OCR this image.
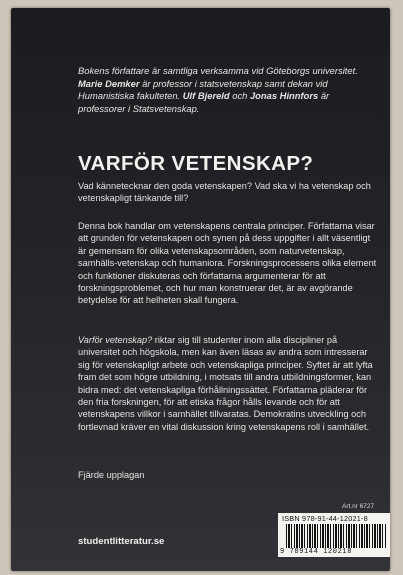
Bokens författare är samtliga verksamma vid Göteborgs universitet. Marie Demker är professor i statsvetenskap samt dekan vid Humanistiska fakulteten. Ulf Bjereld och Jonas Hinnfors är professorer i Statsvetenskap.
VARFÖR VETENSKAP?
Vad kännetecknar den goda vetenskapen? Vad ska vi ha vetenskap och vetenskapligt tänkande till?
Denna bok handlar om vetenskapens centrala principer. Författarna visar att grunden för vetenskapen och synen på dess uppgifter i allt väsentligt är gemensam för olika vetenskapsområden, som naturvetenskap, samhälls-vetenskap och humaniora. Forskningsprocessens olika element och funktioner diskuteras och författarna argumenterar för att forskningsproblemet, och hur man konstruerar det, är av avgörande betydelse för att helheten skall fungera.
Varför vetenskap? riktar sig till studenter inom alla discipliner på universitet och högskola, men kan även läsas av andra som intresserar sig för vetenskapligt arbete och vetenskapliga principer. Syftet är att lyfta fram det som högre utbildning, i motsats till andra utbildningsformer, kan bidra med: det vetenskapliga förhållningssättet. Författarna pläderar för den fria forskningen, för att etiska frågor hålls levande och för att vetenskapens villkor i samhället tillvaratas. Demokratins utveckling och fortlevnad kräver en vital diskussion kring vetenskapens roll i samhället.
Fjärde upplagan
Art.nr 6727
ISBN 978-91-44-12021-8
9 789144 120218
studentlitteratur.se
